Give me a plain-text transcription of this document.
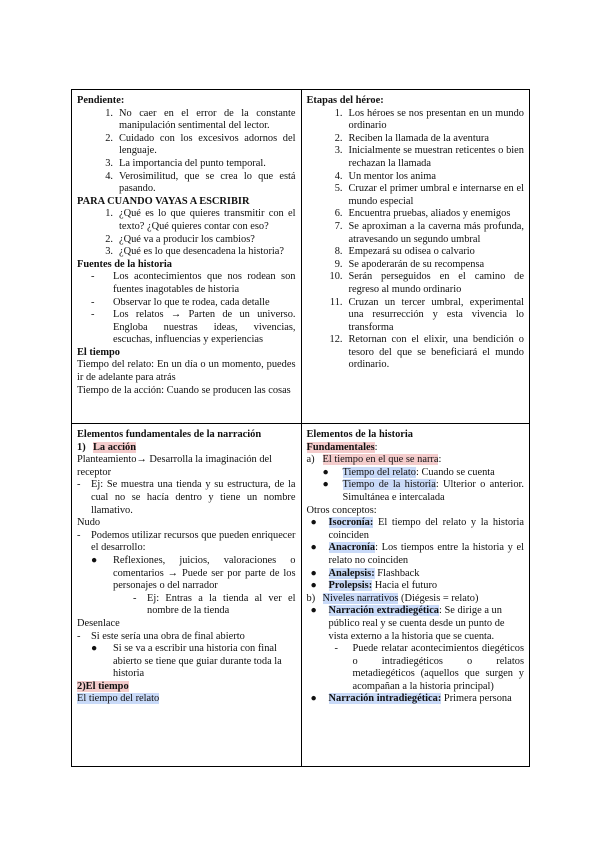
Pendiente:
1. No caer en el error de la constante manipulación sentimental del lector.
2. Cuidado con los excesivos adornos del lenguaje.
3. La importancia del punto temporal.
4. Verosimilitud, que se crea lo que está pasando.
PARA CUANDO VAYAS A ESCRIBIR
1. ¿Qué es lo que quieres transmitir con el texto? ¿Qué quieres contar con eso?
2. ¿Qué va a producir los cambios?
3. ¿Qué es lo que desencadena la historia?
Fuentes de la historia
-	Los acontecimientos que nos rodean son fuentes inagotables de historia
-	Observar lo que te rodea, cada detalle
-	Los relatos → Parten de un universo. Engloba nuestras ideas, vivencias, escuchas, influencias y experiencias
El tiempo

Tiempo del relato: En un día o un momento, puedes ir de adelante para atrás

Tiempo de la acción: Cuando se producen las cosas

Etapas del héroe:
1. Los héroes se nos presentan en un mundo ordinario
2. Reciben la llamada de la aventura
3. Inicialmente se muestran reticentes o bien rechazan la llamada
4. Un mentor los anima
5. Cruzar el primer umbral e internarse en el mundo especial
6. Encuentra pruebas, aliados y enemigos
7. Se aproximan a la caverna más profunda, atravesando un segundo umbral
8. Empezará su odisea o calvario
9. Se apoderarán de su recompensa
10. Serán perseguidos en el camino de regreso al mundo ordinario
11. Cruzan un tercer umbral, experimental una resurrección y esta vivencia lo transforma
12. Retornan con el elixir, una bendición o tesoro del que se beneficiará el mundo ordinario.
Elementos fundamentales de la narración
1) La acción

Planteamiento→ Desarrolla la imaginación del receptor

-	Ej: Se muestra una tienda y su estructura, de la cual no se hacía dentro y tiene un nombre llamativo.

Nudo

-	Podemos utilizar recursos que pueden enriquecer el desarrollo:
●	Reflexiones, juicios, valoraciones o comentarios → Puede ser por parte de los personajes o del narrador
-	Ej: Entras a la tienda al ver el nombre de la tienda

Desenlace

-	Si este sería una obra de final abierto
●	Si se va a escribir una historia con final abierto se tiene que guiar durante toda la historia
2)El tiempo

El tiempo del relato

Elementos de la historia

Fundamentales:

a) El tiempo en el que se narra:
●	Tiempo del relato: Cuando se cuenta
●	Tiempo de la historia: Ulterior o anterior. Simultánea e intercalada

Otros conceptos:

●	Isocronía: El tiempo del relato y la historia coinciden
●	Anacronía: Los tiempos entre la historia y el relato no coinciden
●	Analepsis: Flashback
●	Prolepsis: Hacia el futuro
b) Niveles narrativos (Diégesis = relato)
●	Narración extradiegética: Se dirige a un público real y se cuenta desde un punto de vista externo a la historia que se cuenta.
-	Puede relatar acontecimientos diegéticos o intradiegéticos o relatos metadiegéticos (aquellos que surgen y acompañan a la historia principal)
●	Narración intradiegética: Primera persona
